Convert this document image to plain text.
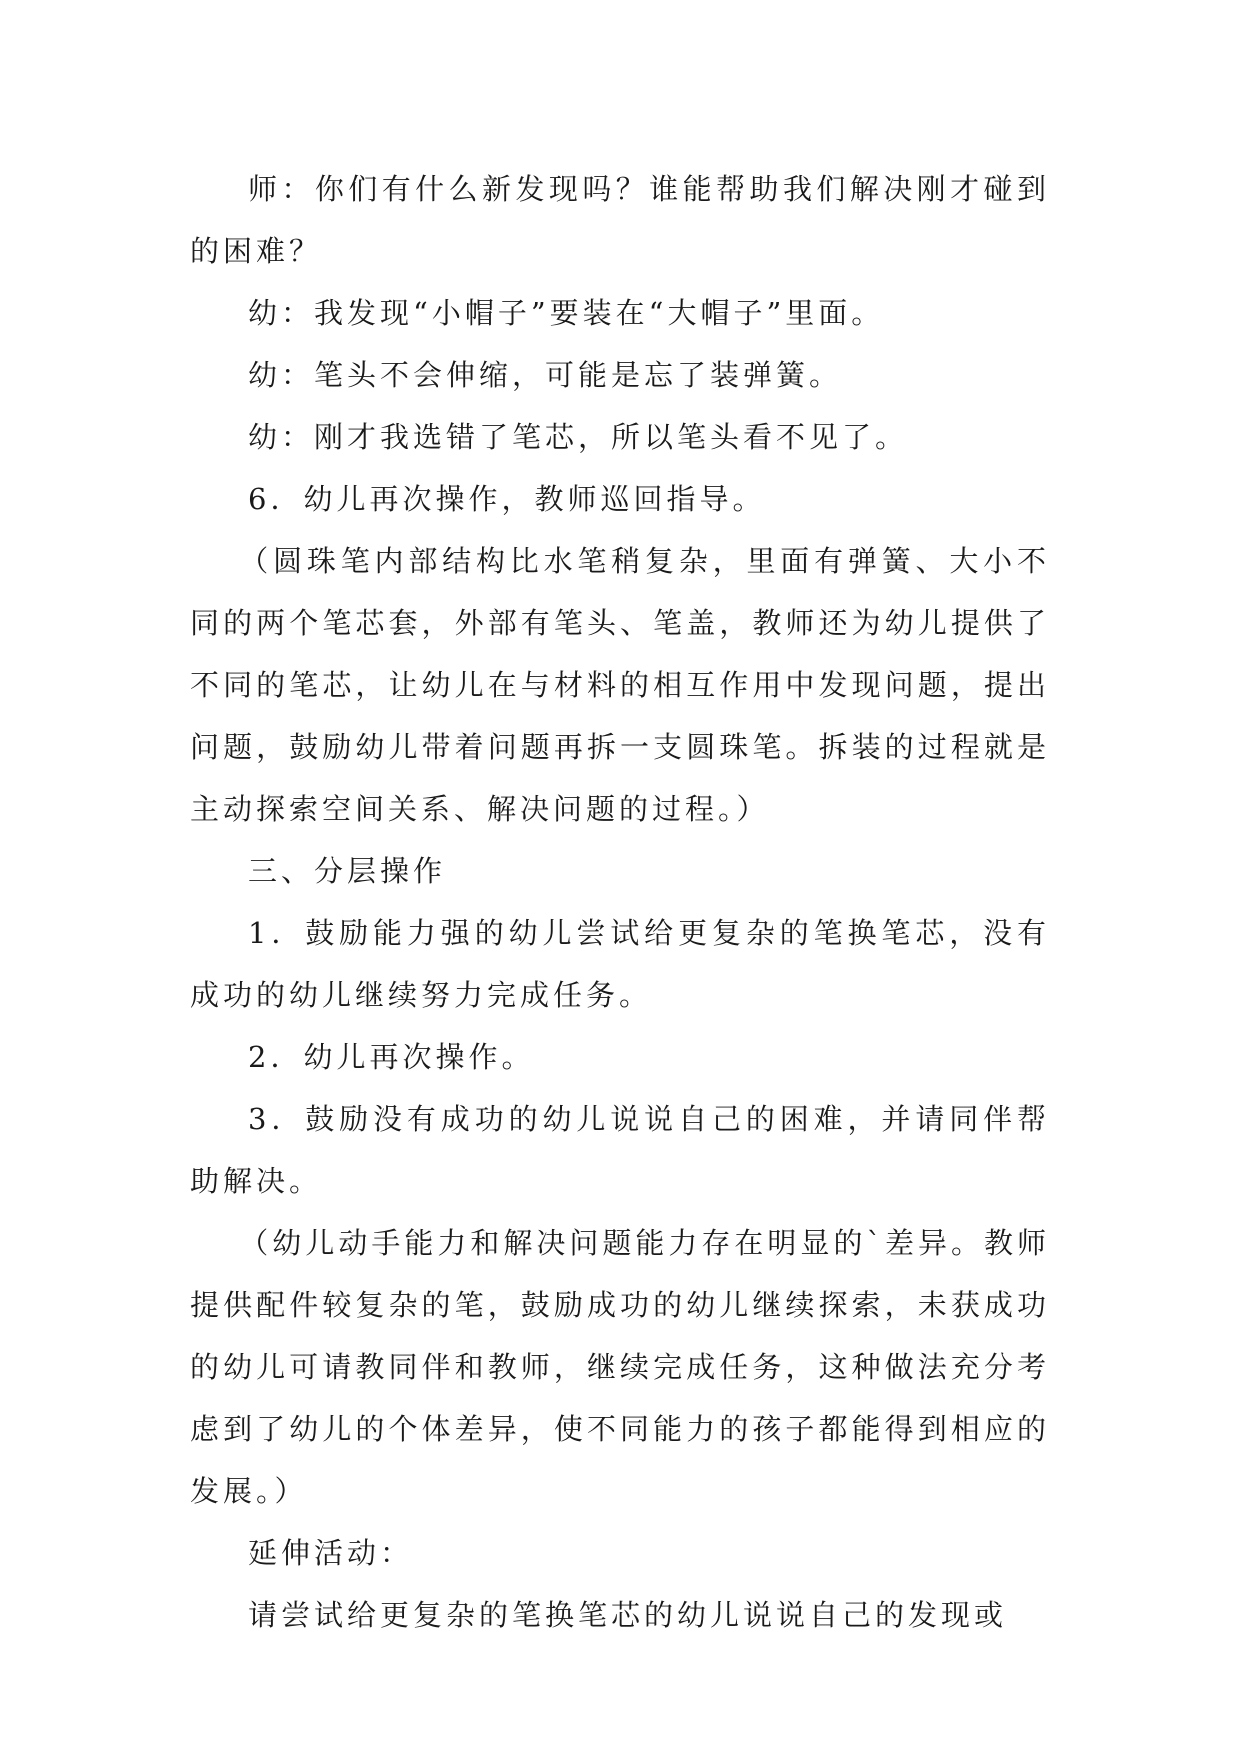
师：你们有什么新发现吗？谁能帮助我们解决刚才碰到的困难？

幼：我发现“小帽子”要装在“大帽子”里面。

幼：笔头不会伸缩，可能是忘了装弹簧。

幼：刚才我选错了笔芯，所以笔头看不见了。

6．幼儿再次操作，教师巡回指导。

（圆珠笔内部结构比水笔稍复杂，里面有弹簧、大小不同的两个笔芯套，外部有笔头、笔盖，教师还为幼儿提供了不同的笔芯，让幼儿在与材料的相互作用中发现问题，提出问题，鼓励幼儿带着问题再拆一支圆珠笔。拆装的过程就是主动探索空间关系、解决问题的过程。）

三、分层操作

1．鼓励能力强的幼儿尝试给更复杂的笔换笔芯，没有成功的幼儿继续努力完成任务。

2．幼儿再次操作。

3．鼓励没有成功的幼儿说说自己的困难，并请同伴帮助解决。

（幼儿动手能力和解决问题能力存在明显的`差异。教师提供配件较复杂的笔，鼓励成功的幼儿继续探索，未获成功的幼儿可请教同伴和教师，继续完成任务，这种做法充分考虑到了幼儿的个体差异，使不同能力的孩子都能得到相应的发展。）

延伸活动：

请尝试给更复杂的笔换笔芯的幼儿说说自己的发现或
